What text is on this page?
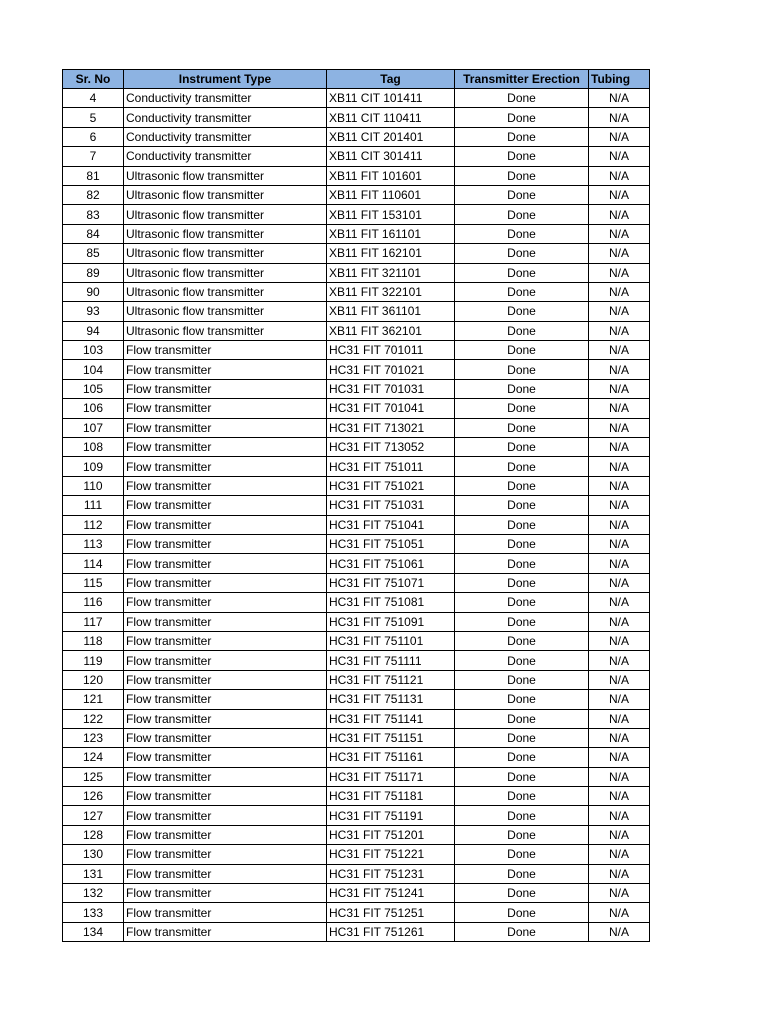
Sr. No	Instrument Type	Tag	Transmitter Erection	Tubing
4	Conductivity transmitter	XB11 CIT 101411	Done	N/A
5	Conductivity transmitter	XB11 CIT 110411	Done	N/A
6	Conductivity transmitter	XB11 CIT 201401	Done	N/A
7	Conductivity transmitter	XB11 CIT 301411	Done	N/A
81	Ultrasonic flow transmitter	XB11 FIT 101601	Done	N/A
82	Ultrasonic flow transmitter	XB11 FIT 110601	Done	N/A
83	Ultrasonic flow transmitter	XB11 FIT 153101	Done	N/A
84	Ultrasonic flow transmitter	XB11 FIT 161101	Done	N/A
85	Ultrasonic flow transmitter	XB11 FIT 162101	Done	N/A
89	Ultrasonic flow transmitter	XB11 FIT 321101	Done	N/A
90	Ultrasonic flow transmitter	XB11 FIT 322101	Done	N/A
93	Ultrasonic flow transmitter	XB11 FIT 361101	Done	N/A
94	Ultrasonic flow transmitter	XB11 FIT 362101	Done	N/A
103	Flow transmitter	HC31 FIT 701011	Done	N/A
104	Flow transmitter	HC31 FIT 701021	Done	N/A
105	Flow transmitter	HC31 FIT 701031	Done	N/A
106	Flow transmitter	HC31 FIT 701041	Done	N/A
107	Flow transmitter	HC31 FIT 713021	Done	N/A
108	Flow transmitter	HC31 FIT 713052	Done	N/A
109	Flow transmitter	HC31 FIT 751011	Done	N/A
110	Flow transmitter	HC31 FIT 751021	Done	N/A
111	Flow transmitter	HC31 FIT 751031	Done	N/A
112	Flow transmitter	HC31 FIT 751041	Done	N/A
113	Flow transmitter	HC31 FIT 751051	Done	N/A
114	Flow transmitter	HC31 FIT 751061	Done	N/A
115	Flow transmitter	HC31 FIT 751071	Done	N/A
116	Flow transmitter	HC31 FIT 751081	Done	N/A
117	Flow transmitter	HC31 FIT 751091	Done	N/A
118	Flow transmitter	HC31 FIT 751101	Done	N/A
119	Flow transmitter	HC31 FIT 751111	Done	N/A
120	Flow transmitter	HC31 FIT 751121	Done	N/A
121	Flow transmitter	HC31 FIT 751131	Done	N/A
122	Flow transmitter	HC31 FIT 751141	Done	N/A
123	Flow transmitter	HC31 FIT 751151	Done	N/A
124	Flow transmitter	HC31 FIT 751161	Done	N/A
125	Flow transmitter	HC31 FIT 751171	Done	N/A
126	Flow transmitter	HC31 FIT 751181	Done	N/A
127	Flow transmitter	HC31 FIT 751191	Done	N/A
128	Flow transmitter	HC31 FIT 751201	Done	N/A
130	Flow transmitter	HC31 FIT 751221	Done	N/A
131	Flow transmitter	HC31 FIT 751231	Done	N/A
132	Flow transmitter	HC31 FIT 751241	Done	N/A
133	Flow transmitter	HC31 FIT 751251	Done	N/A
134	Flow transmitter	HC31 FIT 751261	Done	N/A
